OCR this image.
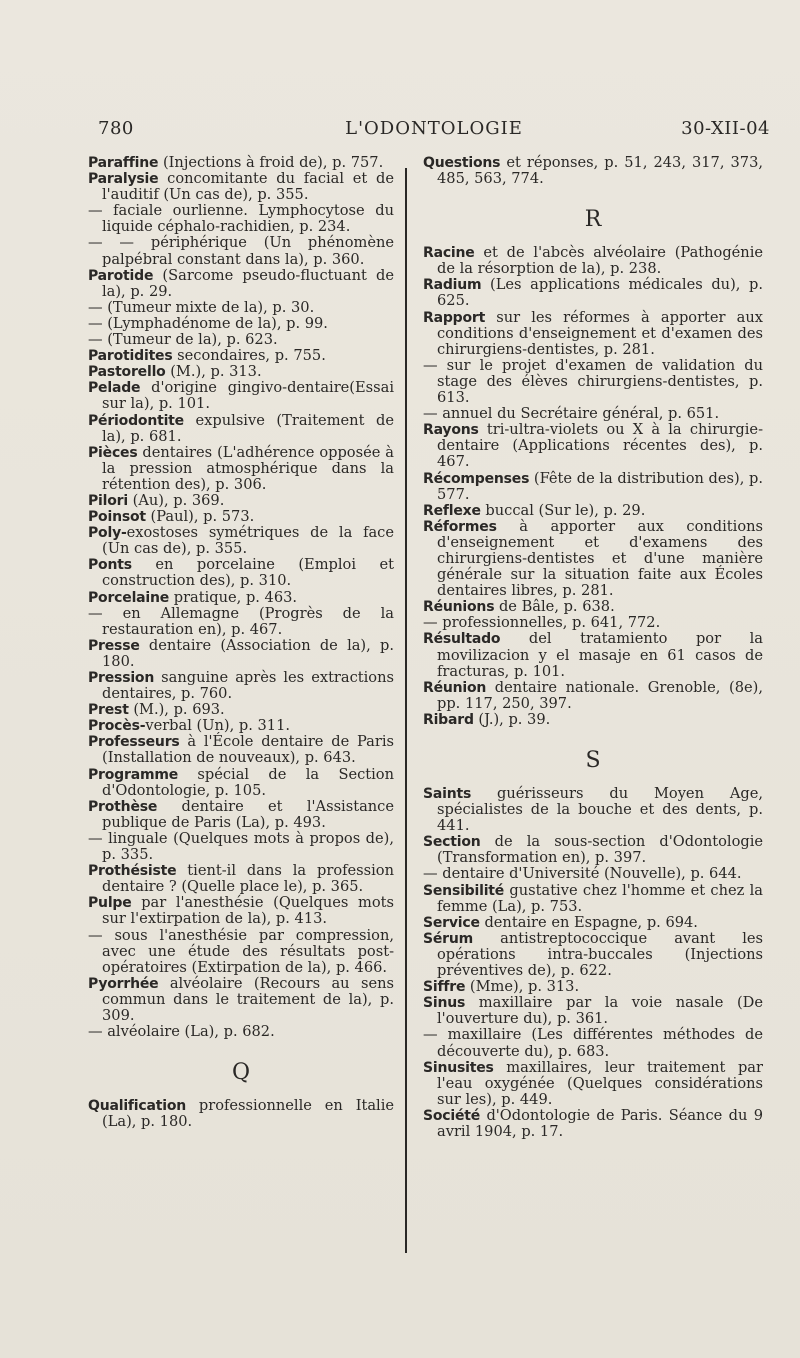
780	L'ODONTOLOGIE	30-XII-04

Paraffine (Injections à froid de), p. 757.

Paralysie concomitante du facial et de l'auditif (Un cas de), p. 355.

— faciale ourlienne. Lymphocytose du liquide céphalo-rachidien, p. 234.

— — périphérique (Un phénomène palpébral constant dans la), p. 360.

Parotide (Sarcome pseudo-fluctuant de la), p. 29.

— (Tumeur mixte de la), p. 30.

— (Lymphadénome de la), p. 99.

— (Tumeur de la), p. 623.

Parotidites secondaires, p. 755.

Pastorello (M.), p. 313.

Pelade d'origine gingivo-dentaire(Essai sur la), p. 101.

Périodontite expulsive (Traitement de la), p. 681.

Pièces dentaires (L'adhérence opposée à la pression atmosphérique dans la rétention des), p. 306.

Pilori (Au), p. 369.

Poinsot (Paul), p. 573.

Poly-exostoses symétriques de la face (Un cas de), p. 355.

Ponts en porcelaine (Emploi et construction des), p. 310.

Porcelaine pratique, p. 463.

— en Allemagne (Progrès de la restauration en), p. 467.

Presse dentaire (Association de la), p. 180.

Pression sanguine après les extractions dentaires, p. 760.

Prest (M.), p. 693.

Procès-verbal (Un), p. 311.

Professeurs à l'École dentaire de Paris (Installation de nouveaux), p. 643.

Programme spécial de la Section d'Odontologie, p. 105.

Prothèse dentaire et l'Assistance publique de Paris (La), p. 493.

— linguale (Quelques mots à propos de), p. 335.

Prothésiste tient-il dans la profession dentaire ? (Quelle place le), p. 365.

Pulpe par l'anesthésie (Quelques mots sur l'extirpation de la), p. 413.

— sous l'anesthésie par compression, avec une étude des résultats post-opératoires (Extirpation de la), p. 466.

Pyorrhée alvéolaire (Recours au sens commun dans le traitement de la), p. 309.

— alvéolaire (La), p. 682.

Q

Qualification professionnelle en Italie (La), p. 180.

Questions et réponses, p. 51, 243, 317, 373, 485, 563, 774.

R

Racine et de l'abcès alvéolaire (Pathogénie de la résorption de la), p. 238.

Radium (Les applications médicales du), p. 625.

Rapport sur les réformes à apporter aux conditions d'enseignement et d'examen des chirurgiens-dentistes, p. 281.

— sur le projet d'examen de validation du stage des élèves chirurgiens-dentistes, p. 613.

— annuel du Secrétaire général, p. 651.

Rayons tri-ultra-violets ou X à la chirurgie-dentaire (Applications récentes des), p. 467.

Récompenses (Fête de la distribution des), p. 577.

Reflexe buccal (Sur le), p. 29.

Réformes à apporter aux conditions d'enseignement et d'examens des chirurgiens-dentistes et d'une manière générale sur la situation faite aux Écoles dentaires libres, p. 281.

Réunions de Bâle, p. 638.

— professionnelles, p. 641, 772.

Résultado del tratamiento por la movilizacion y el masaje en 61 casos de fracturas, p. 101.

Réunion dentaire nationale. Grenoble, (8e), pp. 117, 250, 397.

Ribard (J.), p. 39.

S

Saints guérisseurs du Moyen Age, spécialistes de la bouche et des dents, p. 441.

Section de la sous-section d'Odontologie (Transformation en), p. 397.

— dentaire d'Université (Nouvelle), p. 644.

Sensibilité gustative chez l'homme et chez la femme (La), p. 753.

Service dentaire en Espagne, p. 694.

Sérum antistreptococcique avant les opérations intra-buccales (Injections préventives de), p. 622.

Siffre (Mme), p. 313.

Sinus maxillaire par la voie nasale (De l'ouverture du), p. 361.

— maxillaire (Les différentes méthodes de découverte du), p. 683.

Sinusites maxillaires, leur traitement par l'eau oxygénée (Quelques considérations sur les), p. 449.

Société d'Odontologie de Paris. Séance du 9 avril 1904, p. 17.
